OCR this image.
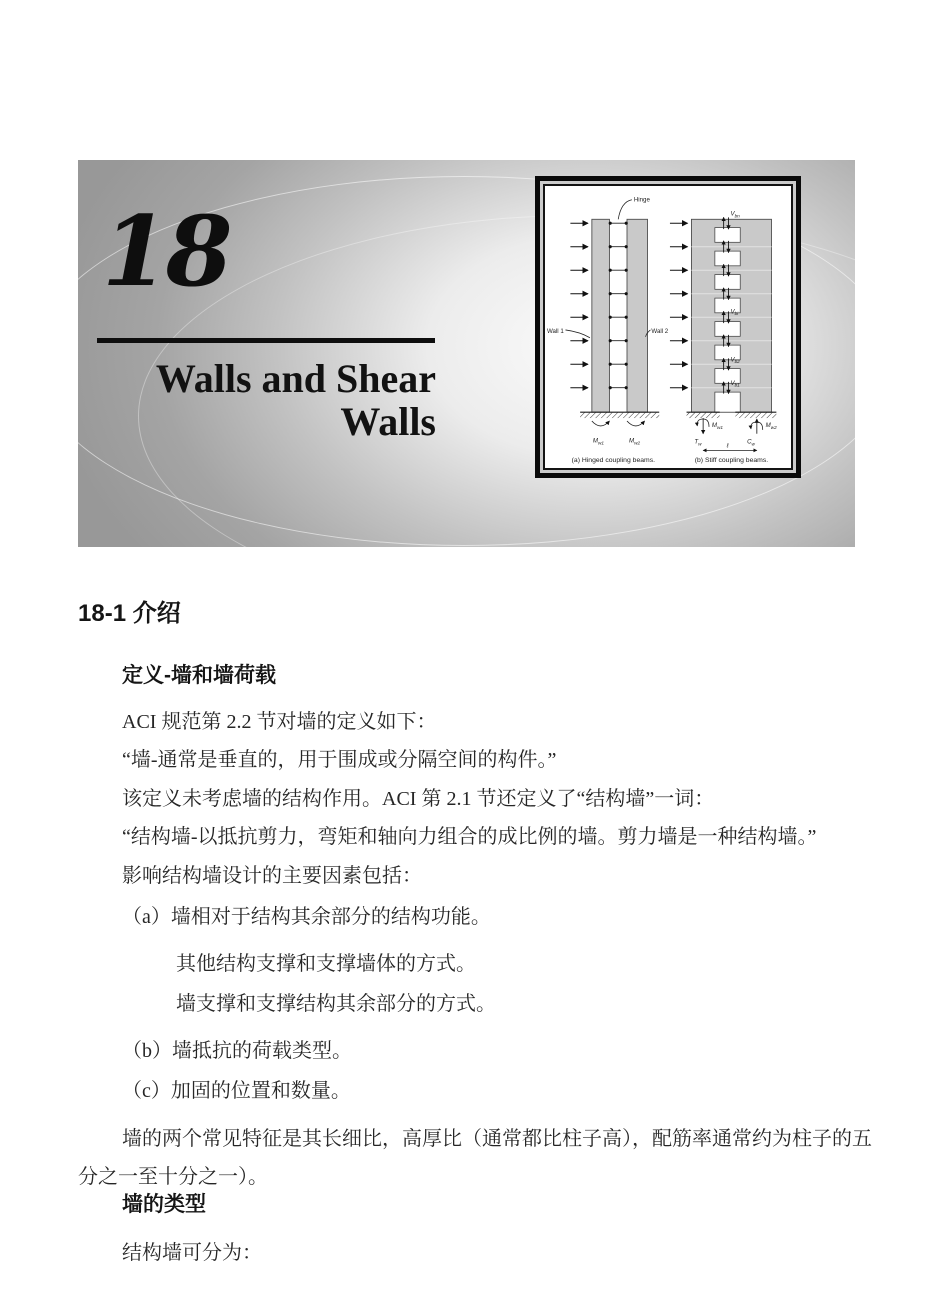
18
Walls and Shear Walls
Hinge
Wall 1	Wall 2
$M_{w1}$	$M_{w2}$
(a) Hinged coupling beams.
$V_{bn}$
$V_{bi}$
$V_{b2}$
$V_{b1}$
$M_{w1}$
$T_w$
$M_{w2}$
$C_w$
ℓ
(b) Stiff coupling beams.
18-1 介绍
定义-墙和墙荷载

ACI 规范第 2.2 节对墙的定义如下：

“墙-通常是垂直的，用于围成或分隔空间的构件。”

该定义未考虑墙的结构作用。ACI 第 2.1 节还定义了“结构墙”一词：

“结构墙-以抵抗剪力，弯矩和轴向力组合的成比例的墙。剪力墙是一种结构墙。”

影响结构墙设计的主要因素包括：

（a）墙相对于结构其余部分的结构功能。

其他结构支撑和支撑墙体的方式。

墙支撑和支撑结构其余部分的方式。

（b）墙抵抗的荷载类型。

（c）加固的位置和数量。

墙的两个常见特征是其长细比，高厚比（通常都比柱子高），配筋率通常约为柱子的五分之一至十分之一）。

墙的类型

结构墙可分为：
